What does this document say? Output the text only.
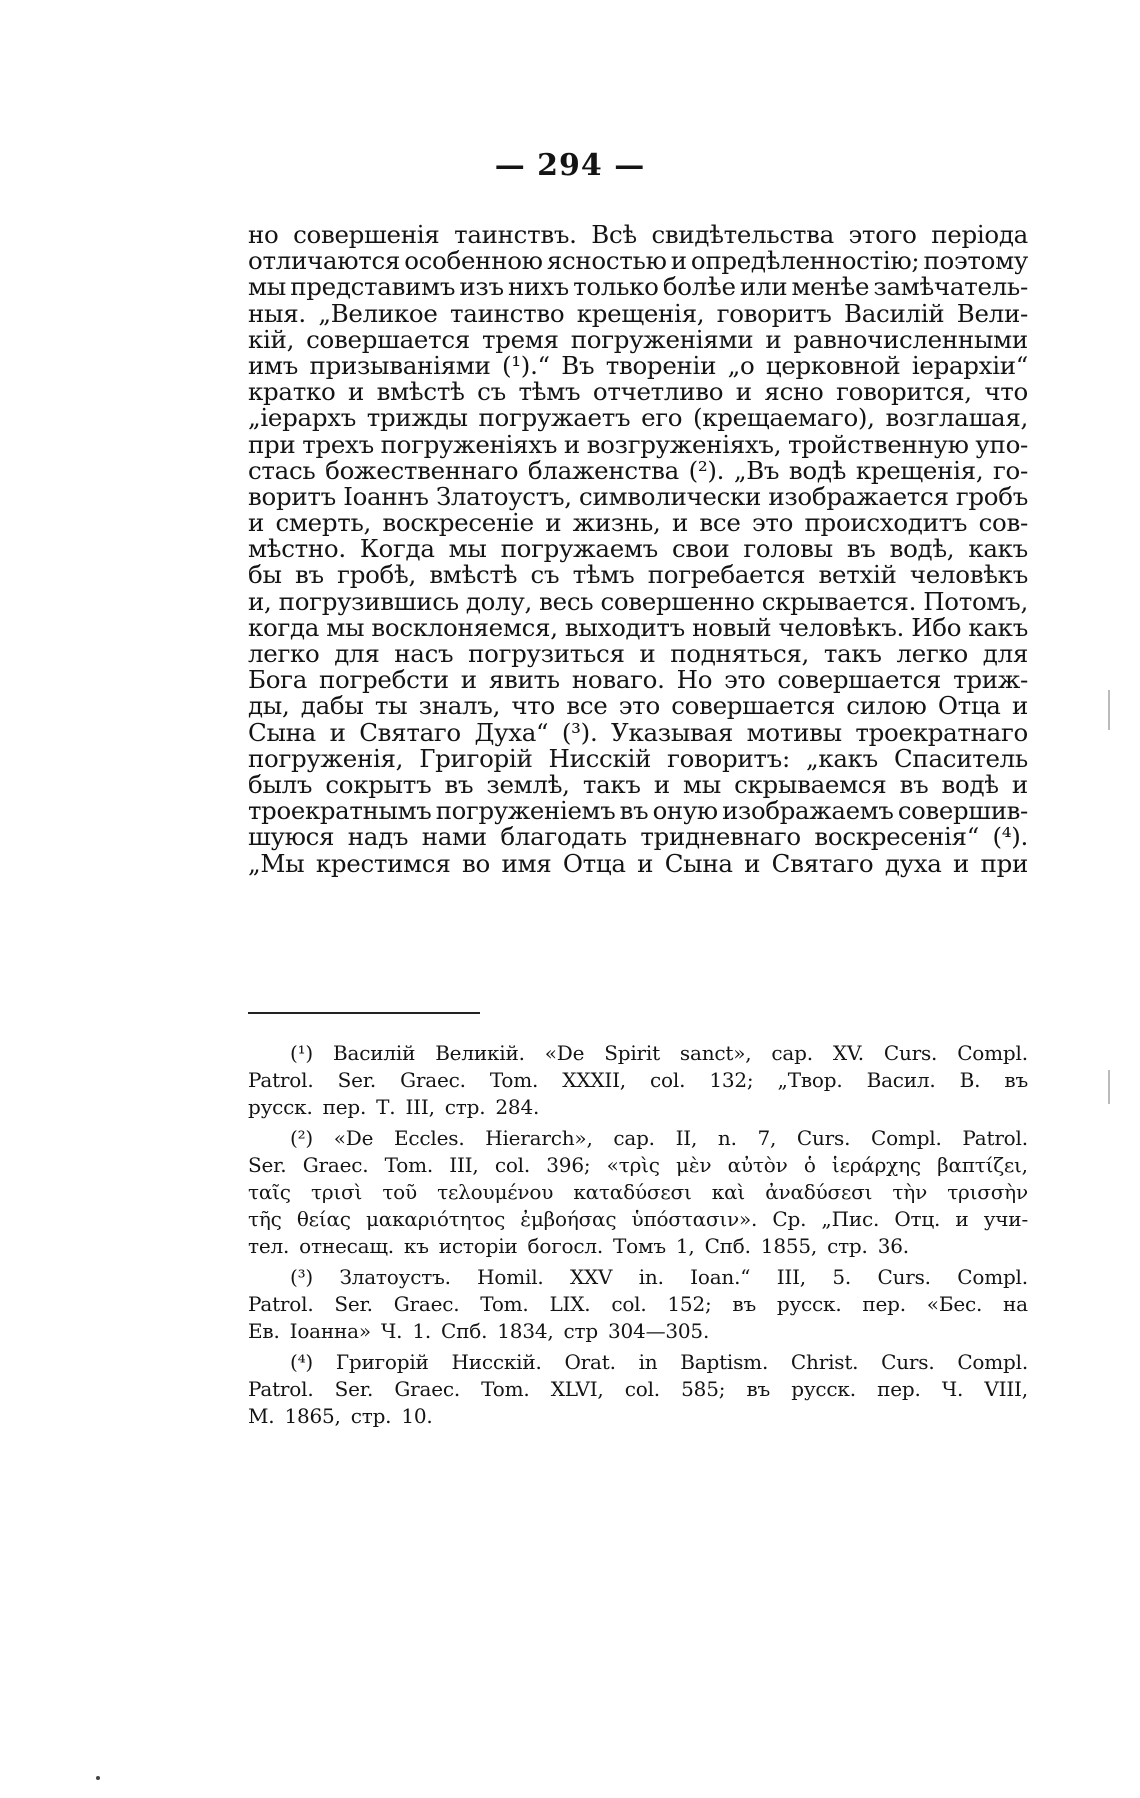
— 294 —
но совершенія таинствъ. Всѣ свидѣтельства этого періода
отличаются особенною ясностью и опредѣленностію; поэтому
мы представимъ изъ нихъ только болѣе или менѣе замѣчатель-
ныя. „Великое таинство крещенія, говоритъ Василій Вели-
кій, совершается тремя погруженіями и равночисленными
имъ призываніями (¹).“ Въ твореніи „о церковной іерархіи“
кратко и вмѣстѣ съ тѣмъ отчетливо и ясно говорится, что
„іерархъ трижды погружаетъ его (крещаемаго), возглашая,
при трехъ погруженіяхъ и возгруженіяхъ, тройственную упо-
стась божественнаго блаженства (²). „Въ водѣ крещенія, го-
воритъ Іоаннъ Златоустъ, символически изображается гробъ
и смерть, воскресеніе и жизнь, и все это происходитъ сов-
мѣстно. Когда мы погружаемъ свои головы въ водѣ, какъ
бы въ гробѣ, вмѣстѣ съ тѣмъ погребается ветхій человѣкъ
и, погрузившись долу, весь совершенно скрывается. Потомъ,
когда мы восклоняемся, выходитъ новый человѣкъ. Ибо какъ
легко для насъ погрузиться и подняться, такъ легко для
Бога погребсти и явить новаго. Но это совершается триж-
ды, дабы ты зналъ, что все это совершается силою Отца и
Сына и Святаго Духа“ (³). Указывая мотивы троекратнаго
погруженія, Григорій Нисскій говоритъ: „какъ Спаситель
былъ сокрытъ въ землѣ, такъ и мы скрываемся въ водѣ и
троекратнымъ погруженіемъ въ оную изображаемъ совершив-
шуюся надъ нами благодать тридневнаго воскресенія“ (⁴).
„Мы крестимся во имя Отца и Сына и Святаго духа и при
(¹) Василій Великій. «De Spirit sanct», cap. XV. Curs. Compl.
Patrol. Ser. Graec. Tom. XXXII, col. 132; „Твор. Васил. В. въ
русск. пер. Т. III, стр. 284.
(²) «De Eccles. Hierarch», cap. II, n. 7, Curs. Compl. Patrol.
Ser. Graec. Tom. III, col. 396; «τρὶς μὲν αὐτὸν ὁ ἱεράρχης βαπτίζει,
ταῖς τρισὶ τοῦ τελουμένου καταδύσεσι καὶ ἀναδύσεσι τὴν τρισσὴν
τῆς θείας μακαριότητος ἐμβοήσας ὑπόστασιν». Ср. „Пис. Отц. и учи-
тел. отнесащ. къ исторіи богосл. Томъ 1, Спб. 1855, стр. 36.
(³) Златоустъ. Homil. XXV in. Ioan.“ III, 5. Curs. Compl.
Patrol. Ser. Graec. Tom. LIX. col. 152; въ русск. пер. «Бес. на
Ев. Іоанна» Ч. 1. Спб. 1834, стр 304—305.
(⁴) Григорій Нисскій. Orat. in Baptism. Christ. Curs. Compl.
Patrol. Ser. Graec. Tom. XLVI, col. 585; въ русск. пер. Ч. VIII,
М. 1865, стр. 10.
